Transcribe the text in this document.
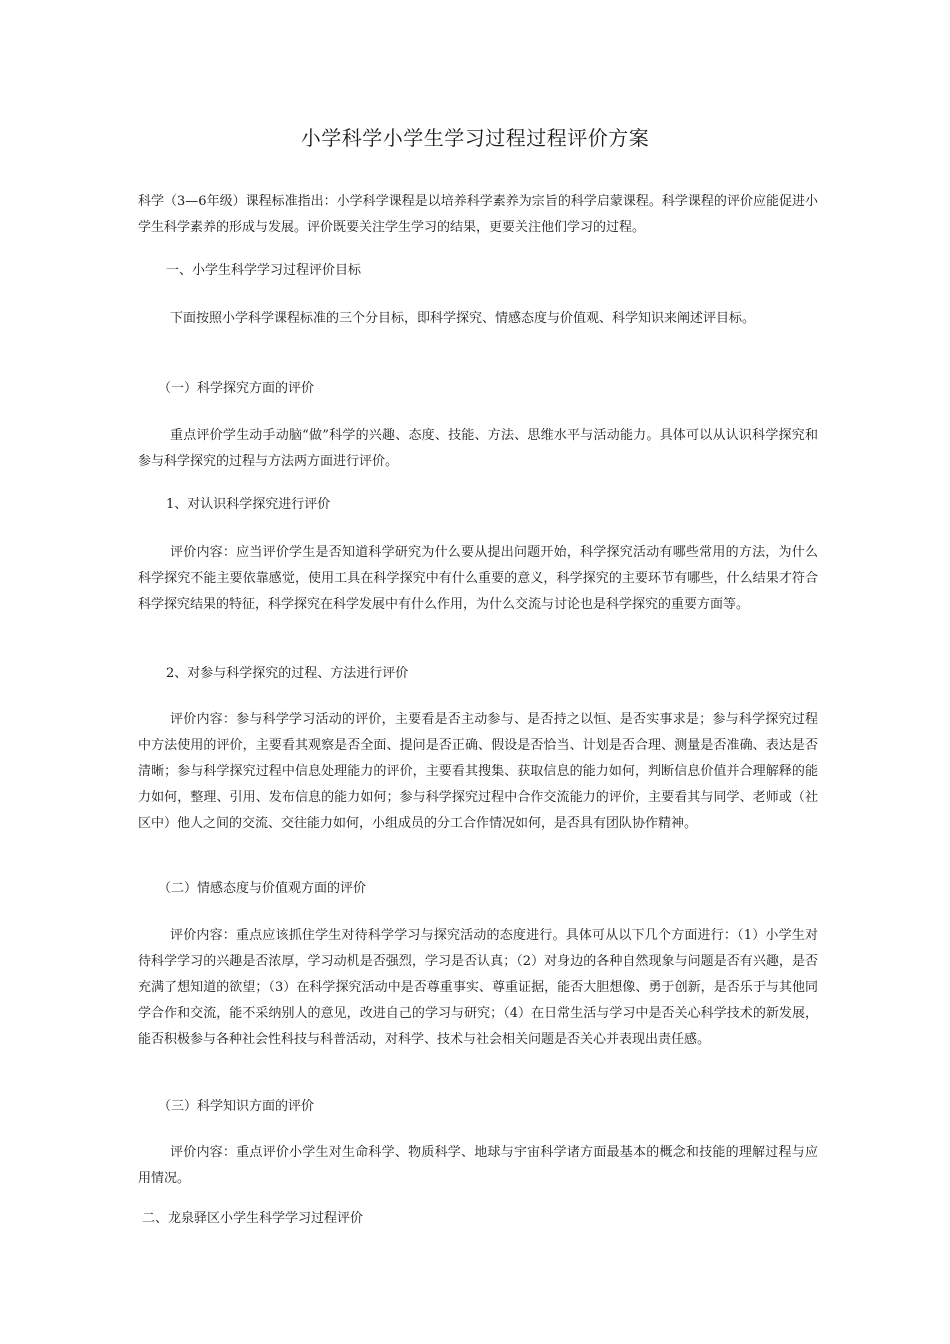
小学科学小学生学习过程过程评价方案

科学（3—6年级）课程标准指出：小学科学课程是以培养科学素养为宗旨的科学启蒙课程。科学课程的评价应能促进小学生科学素养的形成与发展。评价既要关注学生学习的结果，更要关注他们学习的过程。

一、小学生科学学习过程评价目标

下面按照小学科学课程标准的三个分目标，即科学探究、情感态度与价值观、科学知识来阐述评目标。

（一）科学探究方面的评价

重点评价学生动手动脑“做”科学的兴趣、态度、技能、方法、思维水平与活动能力。具体可以从认识科学探究和参与科学探究的过程与方法两方面进行评价。

1、对认识科学探究进行评价

评价内容：应当评价学生是否知道科学研究为什么要从提出问题开始，科学探究活动有哪些常用的方法，为什么科学探究不能主要依靠感觉，使用工具在科学探究中有什么重要的意义，科学探究的主要环节有哪些，什么结果才符合科学探究结果的特征，科学探究在科学发展中有什么作用，为什么交流与讨论也是科学探究的重要方面等。

2、对参与科学探究的过程、方法进行评价

评价内容：参与科学学习活动的评价，主要看是否主动参与、是否持之以恒、是否实事求是；参与科学探究过程中方法使用的评价，主要看其观察是否全面、提问是否正确、假设是否恰当、计划是否合理、测量是否准确、表达是否清晰；参与科学探究过程中信息处理能力的评价，主要看其搜集、获取信息的能力如何，判断信息价值并合理解释的能力如何，整理、引用、发布信息的能力如何；参与科学探究过程中合作交流能力的评价，主要看其与同学、老师或（社区中）他人之间的交流、交往能力如何，小组成员的分工合作情况如何，是否具有团队协作精神。

（二）情感态度与价值观方面的评价

评价内容：重点应该抓住学生对待科学学习与探究活动的态度进行。具体可从以下几个方面进行：（1）小学生对待科学学习的兴趣是否浓厚，学习动机是否强烈，学习是否认真；（2）对身边的各种自然现象与问题是否有兴趣，是否充满了想知道的欲望；（3）在科学探究活动中是否尊重事实、尊重证据，能否大胆想像、勇于创新，是否乐于与其他同学合作和交流，能不采纳别人的意见，改进自己的学习与研究；（4）在日常生活与学习中是否关心科学技术的新发展，能否积极参与各种社会性科技与科普活动，对科学、技术与社会相关问题是否关心并表现出责任感。

（三）科学知识方面的评价

评价内容：重点评价小学生对生命科学、物质科学、地球与宇宙科学诸方面最基本的概念和技能的理解过程与应用情况。

二、龙泉驿区小学生科学学习过程评价
